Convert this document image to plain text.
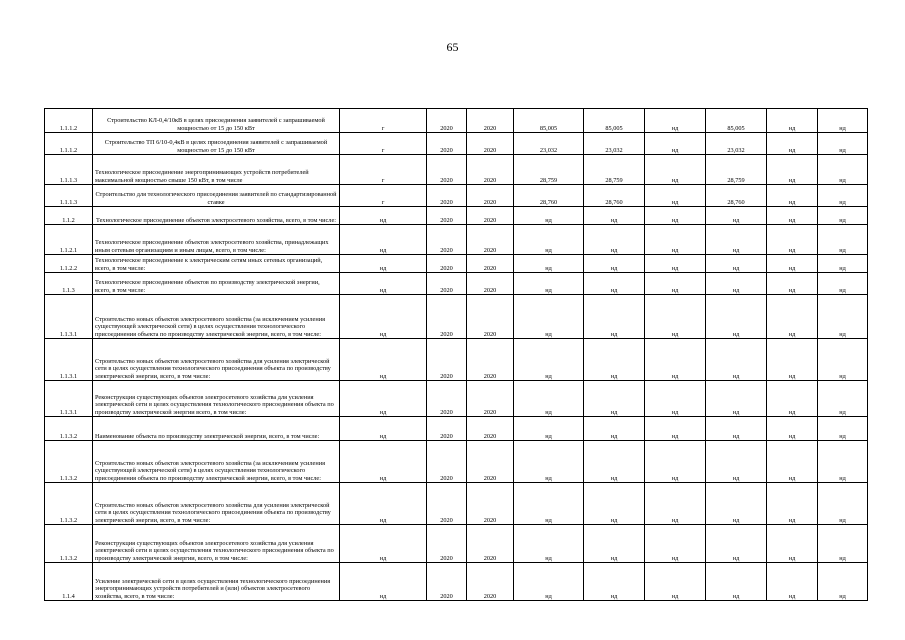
65
1.1.1.2	Строительство КЛ-0,4/10кВ в целях присоединения заявителей с запрашиваемой мощностью от 15 до 150 кВт	г	2020	2020	85,005	85,005	нд	85,005	нд	нд
1.1.1.2	Строительство ТП 6/10-0,4кВ в целях присоединения заявителей с запрашиваемой мощностью от 15 до 150 кВт	г	2020	2020	23,032	23,032	нд	23,032	нд	нд
1.1.1.3	Технологическое присоединение энергопринимающих устройств потребителей максимальной мощностью свыше 150 кВт, в том числе	г	2020	2020	28,759	28,759	нд	28,759	нд	нд
1.1.1.3	Строительство для технологического присоединения заявителей по стандартизированной ставке	г	2020	2020	28,760	28,760	нд	28,760	нд	нд
1.1.2	Технологическое присоединение объектов электросетевого хозяйства, всего, в том числе:	нд	2020	2020	нд	нд	нд	нд	нд	нд
1.1.2.1	Технологическое присоединение объектов электросетевого хозяйства, принадлежащих иным сетевым организациям и иным лицам, всего, в том числе:	нд	2020	2020	нд	нд	нд	нд	нд	нд
1.1.2.2	Технологическое присоединение к электрическим сетям иных сетевых организаций, всего, в том числе:	нд	2020	2020	нд	нд	нд	нд	нд	нд
1.1.3	Технологическое присоединение объектов по производству электрической энергии, всего, в том числе:	нд	2020	2020	нд	нд	нд	нд	нд	нд
1.1.3.1	Строительство новых объектов электросетевого хозяйства (за исключением усиления существующей электрической сети) в целях осуществления технологического присоединения объекта по производству электрической энергии, всего, в том числе:	нд	2020	2020	нд	нд	нд	нд	нд	нд
1.1.3.1	Строительство новых объектов электросетевого хозяйства для усиления электрической сети в целях осуществления технологического присоединения объекта по производству электрической энергии, всего, в том числе:	нд	2020	2020	нд	нд	нд	нд	нд	нд
1.1.3.1	Реконструкция существующих объектов электросетевого хозяйства для усиления электрической сети в целях осуществления технологического присоединения объекта по производству электрической энергии всего, в том числе:	нд	2020	2020	нд	нд	нд	нд	нд	нд
1.1.3.2	Наименование объекта по производству электрической энергии, всего, в том числе:	нд	2020	2020	нд	нд	нд	нд	нд	нд
1.1.3.2	Строительство новых объектов электросетевого хозяйства (за исключением усиления существующей электрической сети) в целях осуществления технологического присоединения объекта по производству электрической энергии, всего, в том числе:	нд	2020	2020	нд	нд	нд	нд	нд	нд
1.1.3.2	Строительство новых объектов электросетевого хозяйства для усиления электрической сети в целях осуществления технологического присоединения объекта по производству электрической энергии, всего, в том числе:	нд	2020	2020	нд	нд	нд	нд	нд	нд
1.1.3.2	Реконструкция существующих объектов электросетевого хозяйства для усиления электрической сети в целях осуществления технологического присоединения объекта по производству электрической энергии, всего, в том числе:	нд	2020	2020	нд	нд	нд	нд	нд	нд
1.1.4	Усиление электрической сети в целях осуществления технологического присоединения энергопринимающих устройств потребителей и (или) объектов электросетевого хозяйства, всего, в том числе:	нд	2020	2020	нд	нд	нд	нд	нд	нд
